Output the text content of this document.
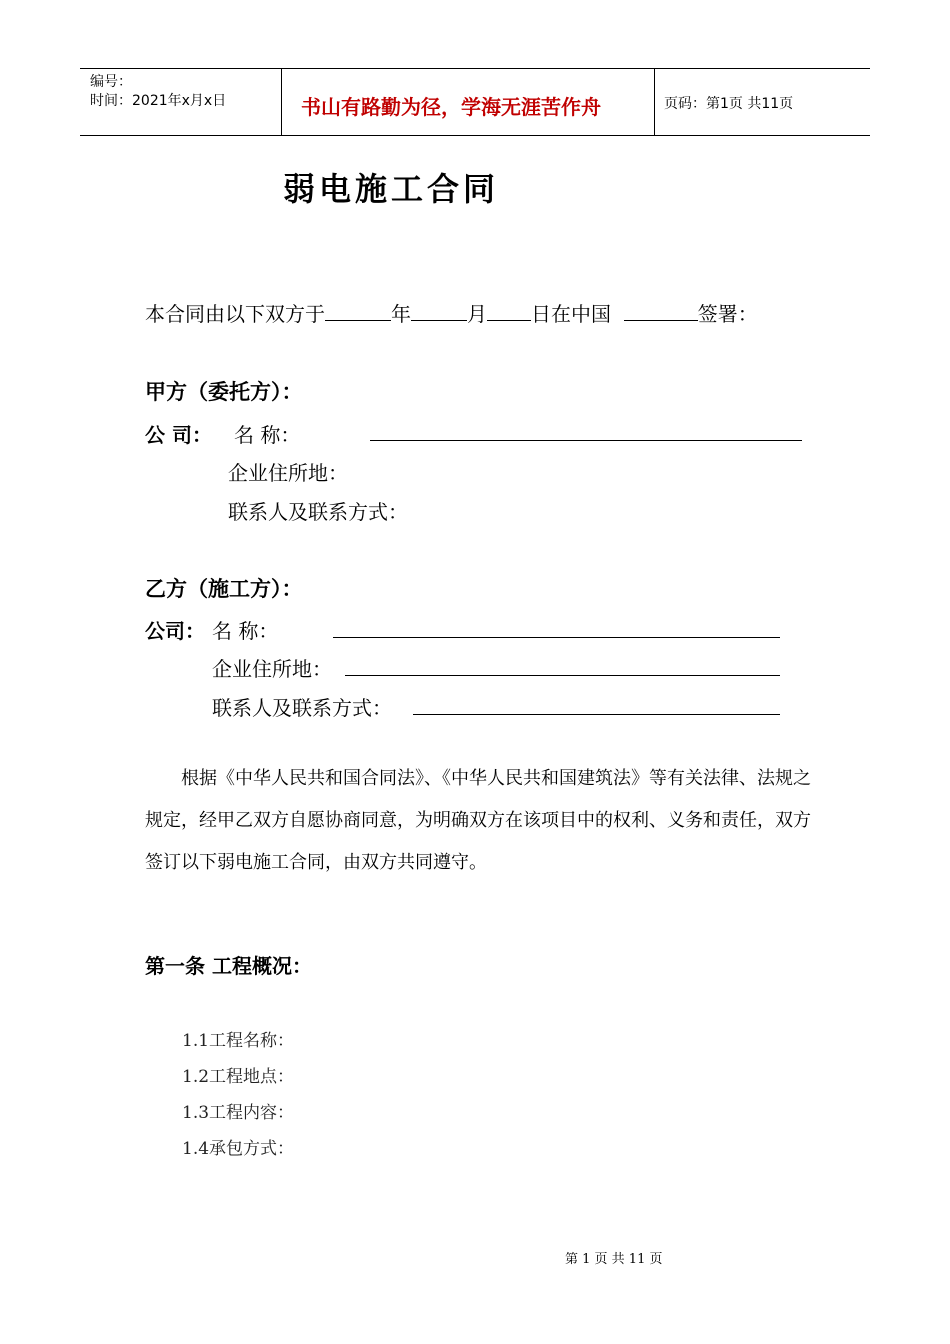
编号：
时间：2021年x月x日	书山有路勤为径，学海无涯苦作舟	页码：第1页 共11页
弱电施工合同
本合同由以下双方于	年	月 日在中国	签署：
甲方（委托方）：
公 司： 名 称：
企业住所地：
联系人及联系方式：
乙方（施工方）：
公司： 名 称：
企业住所地：
联系人及联系方式：
根据《中华人民共和国合同法》、《中华人民共和国建筑法》等有关法律、法规之规定，经甲乙双方自愿协商同意，为明确双方在该项目中的权利、义务和责任，双方签订以下弱电施工合同，由双方共同遵守。
第一条 工程概况：
1.1工程名称：
1.2工程地点：
1.3工程内容：
1.4承包方式：
第 1 页 共 11 页
